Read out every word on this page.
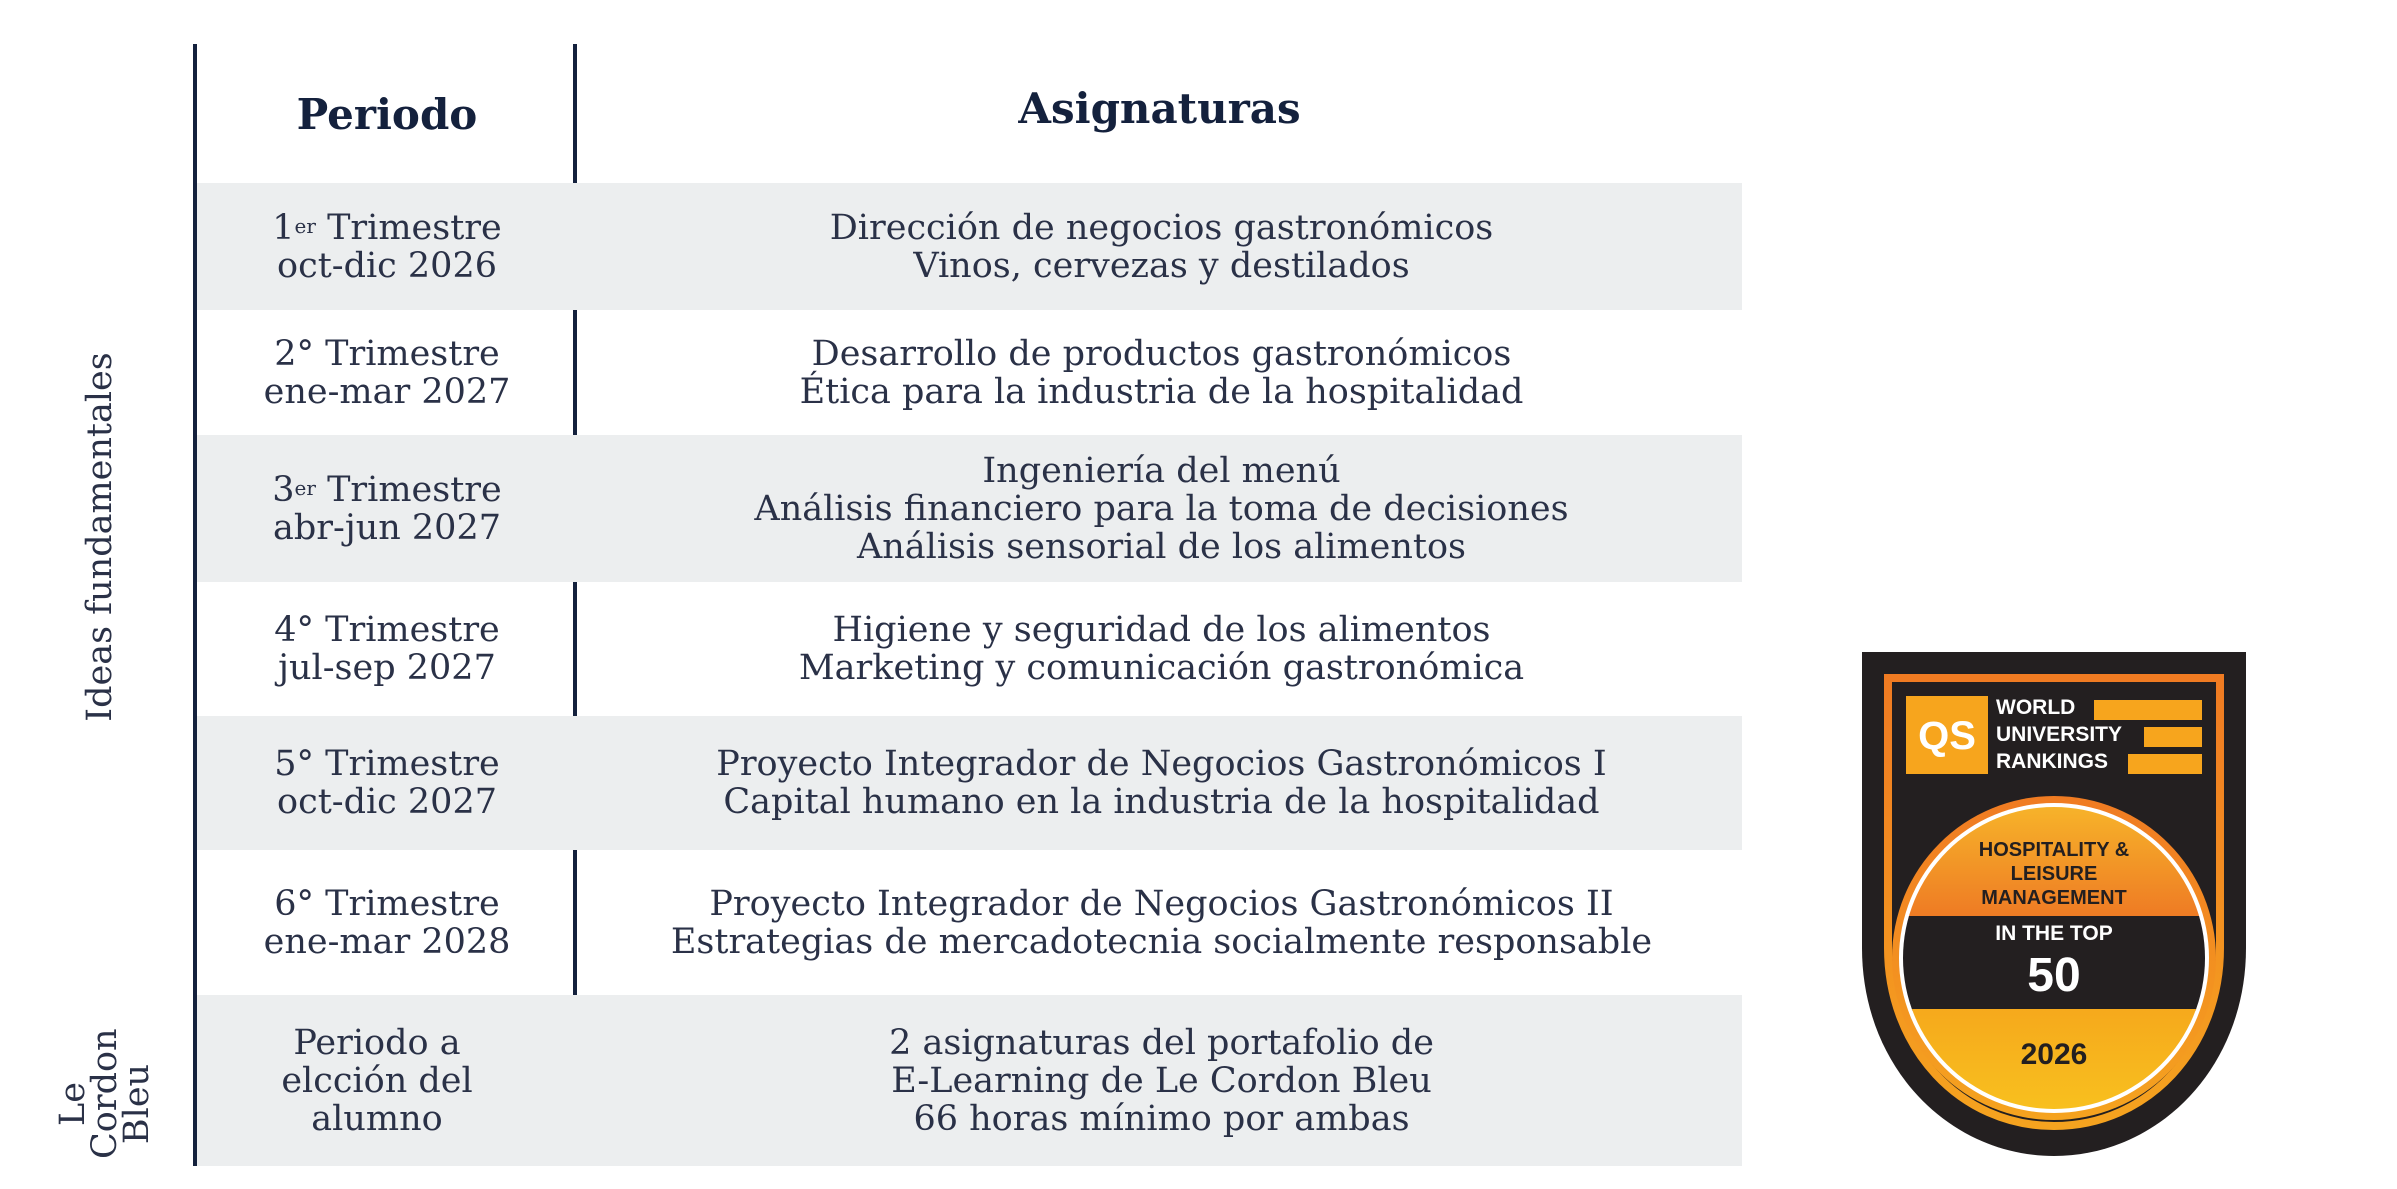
Periodo	Asignaturas
Ideas fundamentales
Le
Cordon
Bleu
1er Trimestre
oct-dic 2026
Dirección de negocios gastronómicos
Vinos, cervezas y destilados
2° Trimestre
ene-mar 2027
Desarrollo de productos gastronómicos
Ética para la industria de la hospitalidad
3er Trimestre
abr-jun 2027
Ingeniería del menú
Análisis financiero para la toma de decisiones
Análisis sensorial de los alimentos
4° Trimestre
jul-sep 2027
Higiene y seguridad de los alimentos
Marketing y comunicación gastronómica
5° Trimestre
oct-dic 2027
Proyecto Integrador de Negocios Gastronómicos I
Capital humano en la industria de la hospitalidad
6° Trimestre
ene-mar 2028
Proyecto Integrador de Negocios Gastronómicos II
Estrategias de mercadotecnia socialmente responsable
Periodo a
elcción del
alumno
2 asignaturas del portafolio de
E-Learning de Le Cordon Bleu
66 horas mínimo por ambas
QS
WORLD
UNIVERSITY
RANKINGS
HOSPITALITY &
LEISURE
MANAGEMENT
IN THE TOP
50
2026
